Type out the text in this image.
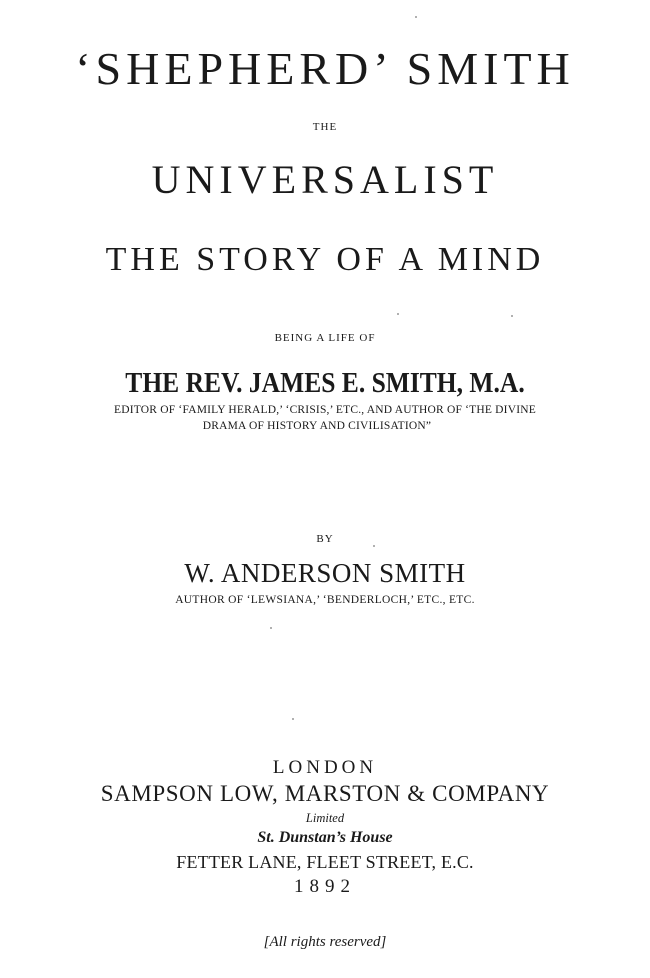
‘SHEPHERD’ SMITH
THE
UNIVERSALIST
THE STORY OF A MIND
BEING A LIFE OF
THE REV. JAMES E. SMITH, M.A.
EDITOR OF ‘FAMILY HERALD,’ ‘CRISIS,’ ETC., AND AUTHOR OF ‘THE DIVINE
DRAMA OF HISTORY AND CIVILISATION”
BY
W. ANDERSON SMITH
AUTHOR OF ‘LEWSIANA,’ ‘BENDERLOCH,’ ETC., ETC.
LONDON
SAMPSON LOW, MARSTON & COMPANY
Limited
St. Dunstan’s House
FETTER LANE, FLEET STREET, E.C.
1892
[All rights reserved]
